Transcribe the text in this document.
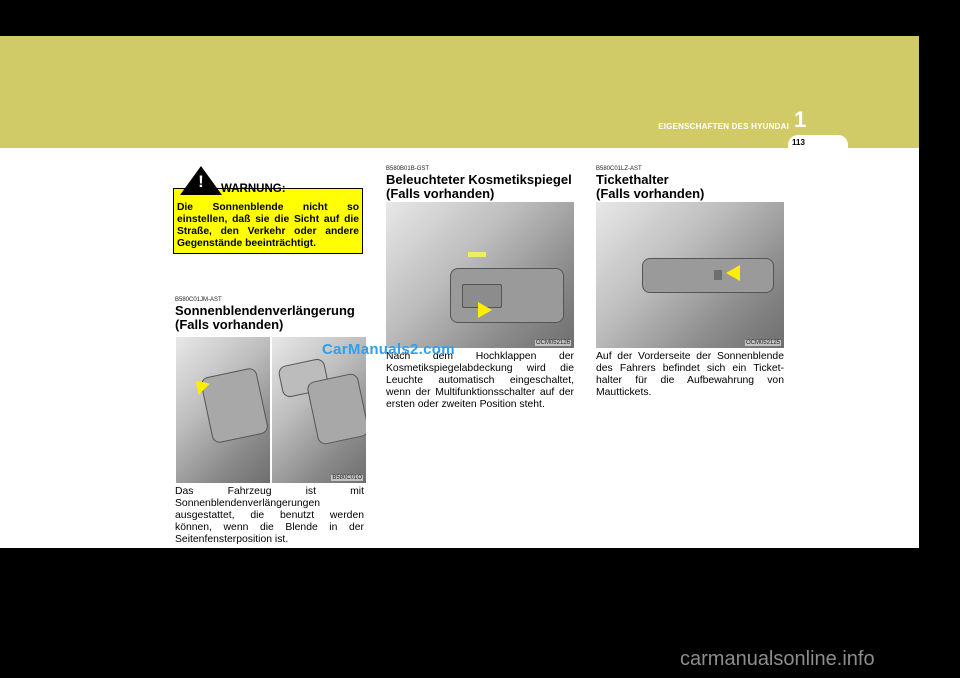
EIGENSCHAFTEN DES HYUNDAI 1
113
Die Sonnenblende nicht so einstellen, daß sie die Sicht auf die Straße, den Verkehr oder andere Gegenstände beeinträchtigt.
!	WARNUNG:
B580C01JM-AST
Sonnenblendenverlängerung
(Falls vorhanden)
B580C01O
Das Fahrzeug ist mit Sonnenblendenverlängerungen ausgestattet, die benutzt werden können, wenn die Blende in der Seitenfensterposition ist.
B580B01B-GST
Beleuchteter Kosmetikspiegel
(Falls vorhanden)
OCM052126
Nach dem Hochklappen der Kosmetikspiegelabdeckung wird die Leuchte automatisch eingeschaltet, wenn der Multifunktionsschalter auf der ersten oder zweiten Position steht.
B580C01LZ-AST
Tickethalter
(Falls vorhanden)
OCM052125
Auf der Vorderseite der Sonnenblende des Fahrers befindet sich ein Ticket-halter für die Aufbewahrung von Mauttickets.
CarManuals2.com
carmanualsonline.info
